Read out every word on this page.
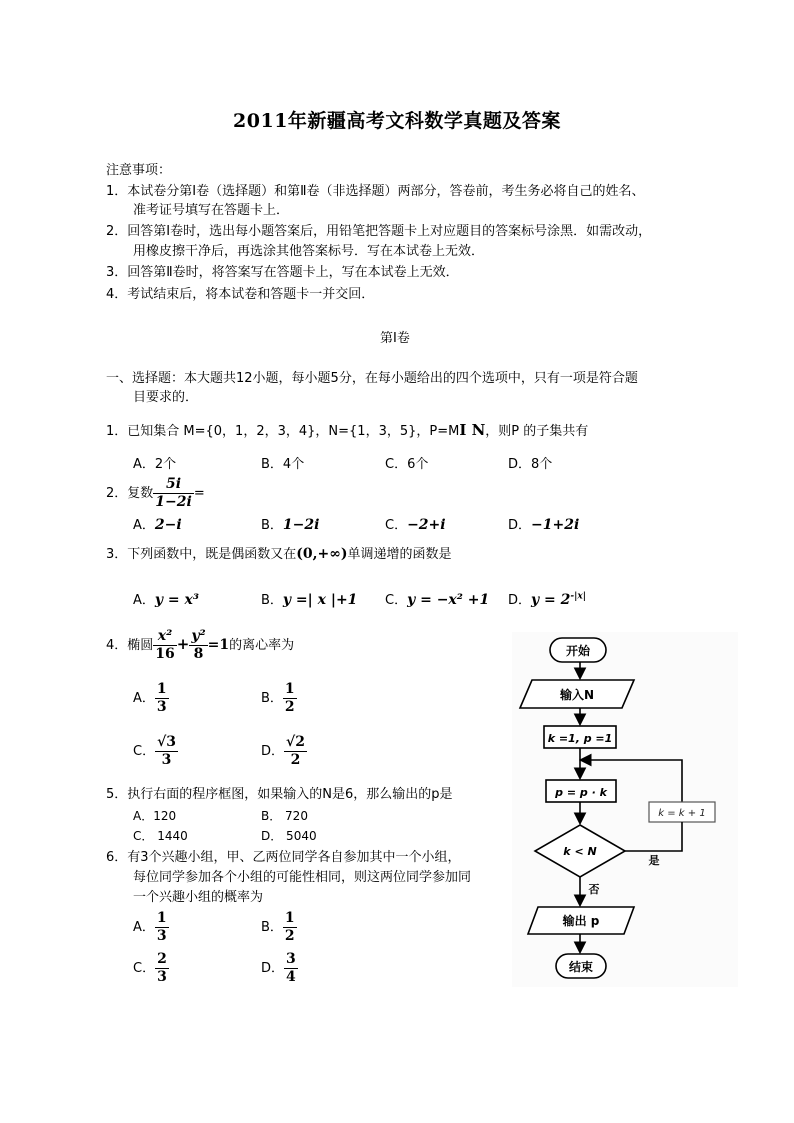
2011年新疆高考文科数学真题及答案
注意事项：
1．本试卷分第Ⅰ卷（选择题）和第Ⅱ卷（非选择题）两部分，答卷前，考生务必将自己的姓名、
准考证号填写在答题卡上．
2．回答第Ⅰ卷时，选出每小题答案后，用铅笔把答题卡上对应题目的答案标号涂黑．如需改动，
用橡皮擦干净后，再选涂其他答案标号．写在本试卷上无效．
3．回答第Ⅱ卷时，将答案写在答题卡上，写在本试卷上无效．
4．考试结束后，将本试卷和答题卡一并交回．
第Ⅰ卷
一、选择题：本大题共12小题，每小题5分，在每小题给出的四个选项中，只有一项是符合题
目要求的．
1．已知集合 M={0，1，2，3，4}，N={1，3，5}，P=MI N，则P 的子集共有
A．2个	B．4个	C．6个	D．8个
2．复数 $\frac{5i}{1-2i}$ =
A．2−i	B．1−2i	C．−2+i	D．−1+2i
3．下列函数中，既是偶函数又在(0,+∞)单调递增的函数是
A．y = x³	B．y =| x |+1 C．y = −x² +1 D．$y = 2^{-|x|}$
4．椭圆 $\frac{\text{x²}}{16} + \frac{\text{y²}}{8} =1$的离心率为
A． $\frac{1}{3}$	B． $\frac{1}{2}$
C． $\frac{√3}{3}$	D． $\frac{√2}{2}$
5．执行右面的程序框图，如果输入的N是6，那么输出的p是
A．120	B． 720
C． 1440	D． 5040
6．有3个兴趣小组，甲、乙两位同学各自参加其中一个小组，
每位同学参加各个小组的可能性相同，则这两位同学参加同
一个兴趣小组的概率为
A． $\frac{1}{3}$	B． $\frac{1}{2}$
C． $\frac{2}{3}$	D． $\frac{3}{4}$
开始
输入N
k =1, p =1
p = p · k
k = k + 1
k < N
是
否
输出 p
结束
